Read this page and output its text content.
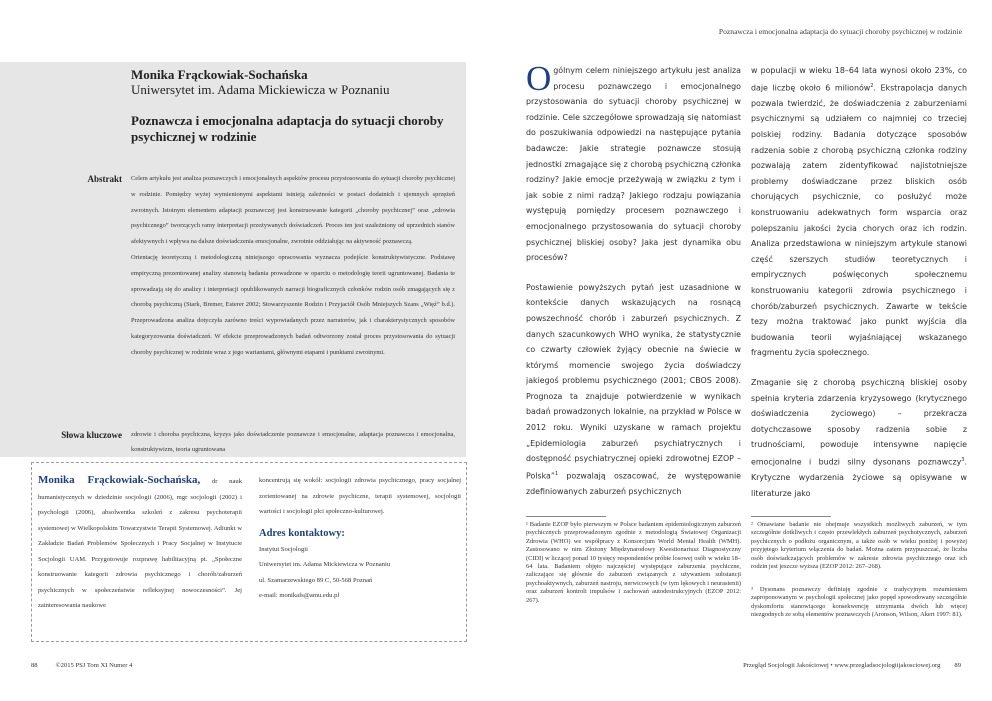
Poznawcza i emocjonalna adaptacja do sytuacji choroby psychicznej w rodzinie
Monika Frąckowiak-Sochańska
Uniwersytet im. Adama Mickiewicza w Poznaniu
Poznawcza i emocjonalna adaptacja do sytuacji choroby psychicznej w rodzinie
Abstrakt Celem artykułu jest analiza poznawczych i emocjonalnych aspektów procesu przystosowania do sytuacji choroby psychicznej w rodzinie. Pomiędzy wyżej wymienionymi aspektami istnieją zależności w postaci dodatnich i ujemnych sprzężeń zwrotnych. Istotnym elementem adaptacji poznawczej jest konstruowanie kategorii „choroby psychicznej” oraz „zdrowia psychicznego” tworzących ramy interpretacji przeżywanych doświadczeń. Proces ten jest uzależniony od uprzednich stanów afektywnych i wpływa na dalsze doświadczenia emocjonalne, zwrotnie oddziałując na aktywność poznawczą.

Orientację teoretyczną i metodologiczną niniejszego opracowania wyznacza podejście konstruktywistyczne. Podstawę empiryczną prezentowanej analizy stanowią badania prowadzone w oparciu o metodologię teorii ugruntowanej. Badania te sprowadzają się do analizy i interpretacji opublikowanych narracji biograficznych członków rodzin osób zmagających się z chorobą psychiczną (Stark, Bremer, Esterer 2002; Stowarzyszenie Rodzin i Przyjaciół Osób Mniejszych Szans „Więź” b.d.). Przeprowadzona analiza dotyczyła zarówno treści wypowiadanych przez narratorów, jak i charakterystycznych sposobów kategoryzowania doświadczeń. W efekcie przeprowadzonych badań odtworzony został proces przystosowania do sytuacji choroby psychicznej w rodzinie wraz z jego wariantami, głównymi etapami i punktami zwrotnymi.

Słowa kluczowe zdrowie i choroba psychiczna, kryzys jako doświadczenie poznawcze i emocjonalne, adaptacja poznawcza i emocjonalna, konstruktywizm, teoria ugruntowana
Monika Frąckowiak-Sochańska, dr nauk humanistycznych w dziedzinie socjologii (2006), mgr socjologii (2002) i psychologii (2006), absolwentka szkoleń z zakresu psychoterapii systemowej w Wielkopolskim Towarzystwie Terapii Systemowej. Adiunkt w Zakładzie Badań Problemów Społecznych i Pracy Socjalnej w Instytucie Socjologii UAM. Przygotowuje rozprawę habilitacyjną pt. „Społeczne konstruowanie kategorii zdrowia psychicznego i chorób/zaburzeń psychicznych w społeczeństwie refleksyjnej nowoczesności”. Jej zainteresowania naukowe
koncentrują się wokół: socjologii zdrowia psychicznego, pracy socjalnej zorientowanej na zdrowie psychiczne, terapii systemowej, socjologii wartości i socjologii płci społeczno-kulturowej.
Adres kontaktowy:
Instytut Socjologii
Uniwersytet im. Adama Mickiewicza w Poznaniu
ul. Szamarzewskiego 89 C, 50-568 Poznań
e-mail: monikafs@amu.edu.pl
88	©2015 PSJ Tom XI Numer 4

Ogólnym celem niniejszego artykułu jest analiza procesu poznawczego i emocjonalnego przystosowania do sytuacji choroby psychicznej w rodzinie. Cele szczegółowe sprowadzają się natomiast do poszukiwania odpowiedzi na następujące pytania badawcze: Jakie strategie poznawcze stosują jednostki zmagające się z chorobą psychiczną członka rodziny? Jakie emocje przeżywają w związku z tym i jak sobie z nimi radzą? Jakiego rodzaju powiązania występują pomiędzy procesem poznawczego i emocjonalnego przystosowania do sytuacji choroby psychicznej bliskiej osoby? Jaka jest dynamika obu procesów?

Postawienie powyższych pytań jest uzasadnione w kontekście danych wskazujących na rosnącą powszechność chorób i zaburzeń psychicznych. Z danych szacunkowych WHO wynika, że statystycznie co czwarty człowiek żyjący obecnie na świecie w którymś momencie swojego życia doświadczy jakiegoś problemu psychicznego (2001; CBOS 2008). Prognoza ta znajduje potwierdzenie w wynikach badań prowadzonych lokalnie, na przykład w Polsce w 2012 roku. Wyniki uzyskane w ramach projektu „Epidemiologia zaburzeń psychiatrycznych i dostępność psychiatrycznej opieki zdrowotnej EZOP – Polska”$^1$ pozwalają oszacować, że występowanie zdefiniowanych zaburzeń psychicznych

w populacji w wieku 18–64 lata wynosi około 23%, co daje liczbę około 6 milionów$^2$. Ekstrapolacja danych pozwala twierdzić, że doświadczenia z zaburzeniami psychicznymi są udziałem co najmniej co trzeciej polskiej rodziny. Badania dotyczące sposobów radzenia sobie z chorobą psychiczną członka rodziny pozwalają zatem zidentyfikować najistotniejsze problemy doświadczane przez bliskich osób chorujących psychicznie, co posłużyć może konstruowaniu adekwatnych form wsparcia oraz polepszaniu jakości życia chorych oraz ich rodzin. Analiza przedstawiona w niniejszym artykule stanowi część szerszych studiów teoretycznych i empirycznych poświęconych społecznemu konstruowaniu kategorii zdrowia psychicznego i chorób/zaburzeń psychicznych. Zawarte w tekście tezy można traktować jako punkt wyjścia dla budowania teorii wyjaśniającej wskazanego fragmentu życia społecznego.

Zmaganie się z chorobą psychiczną bliskiej osoby spełnia kryteria zdarzenia kryzysowego (krytycznego doświadczenia życiowego) – przekracza dotychczasowe sposoby radzenia sobie z trudnościami, powoduje intensywne napięcie emocjonalne i budzi silny dysonans poznawczy$^3$. Krytyczne wydarzenia życiowe są opisywane w literaturze jako

¹ Badanie EZOP było pierwszym w Polsce badaniem epidemiologicznym zaburzeń psychicznych przeprowadzonym zgodnie z metodologią Światowej Organizacji Zdrowia (WHO) we współpracy z Konsorcjum World Mental Health (WMH). Zastosowano w nim Złożony Międzynarodowy Kwestionariusz Diagnostyczny (CIDI) w liczącej ponad 10 tysięcy respondentów próbie losowej osób w wieku 18–64 lata. Badaniem objęto najczęściej występujące zaburzenia psychiczne, zaliczające się głównie do zaburzeń związanych z używaniem substancji psychoaktywnych, zaburzeń nastroju, nerwicowych (w tym lękowych i neurastenii) oraz zaburzeń kontroli impulsów i zachowań autodestrukcyjnych (EZOP 2012: 267).
² Omawiane badanie nie obejmuje wszystkich możliwych zaburzeń, w tym szczególnie dotkliwych i często przewlekłych zaburzeń psychotycznych, zaburzeń psychicznych o podłożu organicznym, a także osób w wieku poniżej i powyżej przyjętego kryterium włączenia do badań. Można zatem przypuszczać, że liczba osób doświadczających problemów w zakresie zdrowia psychicznego oraz ich rodzin jest jeszcze wyższa (EZOP 2012: 267–268).
³ Dysonans poznawczy definiuję zgodnie z tradycyjnym rozumieniem zaproponowanym w psychologii społecznej jako popęd spowodowany szczególnie dyskomfortu stanowiącego konsekwencję utrzymania dwóch lub więcej niezgodnych ze sobą elementów poznawczych (Aronson, Wilson, Akert 1997: 81).
Przegląd Socjologii Jakościowej • www.przegladsocjologiijakosciowej.org 89
